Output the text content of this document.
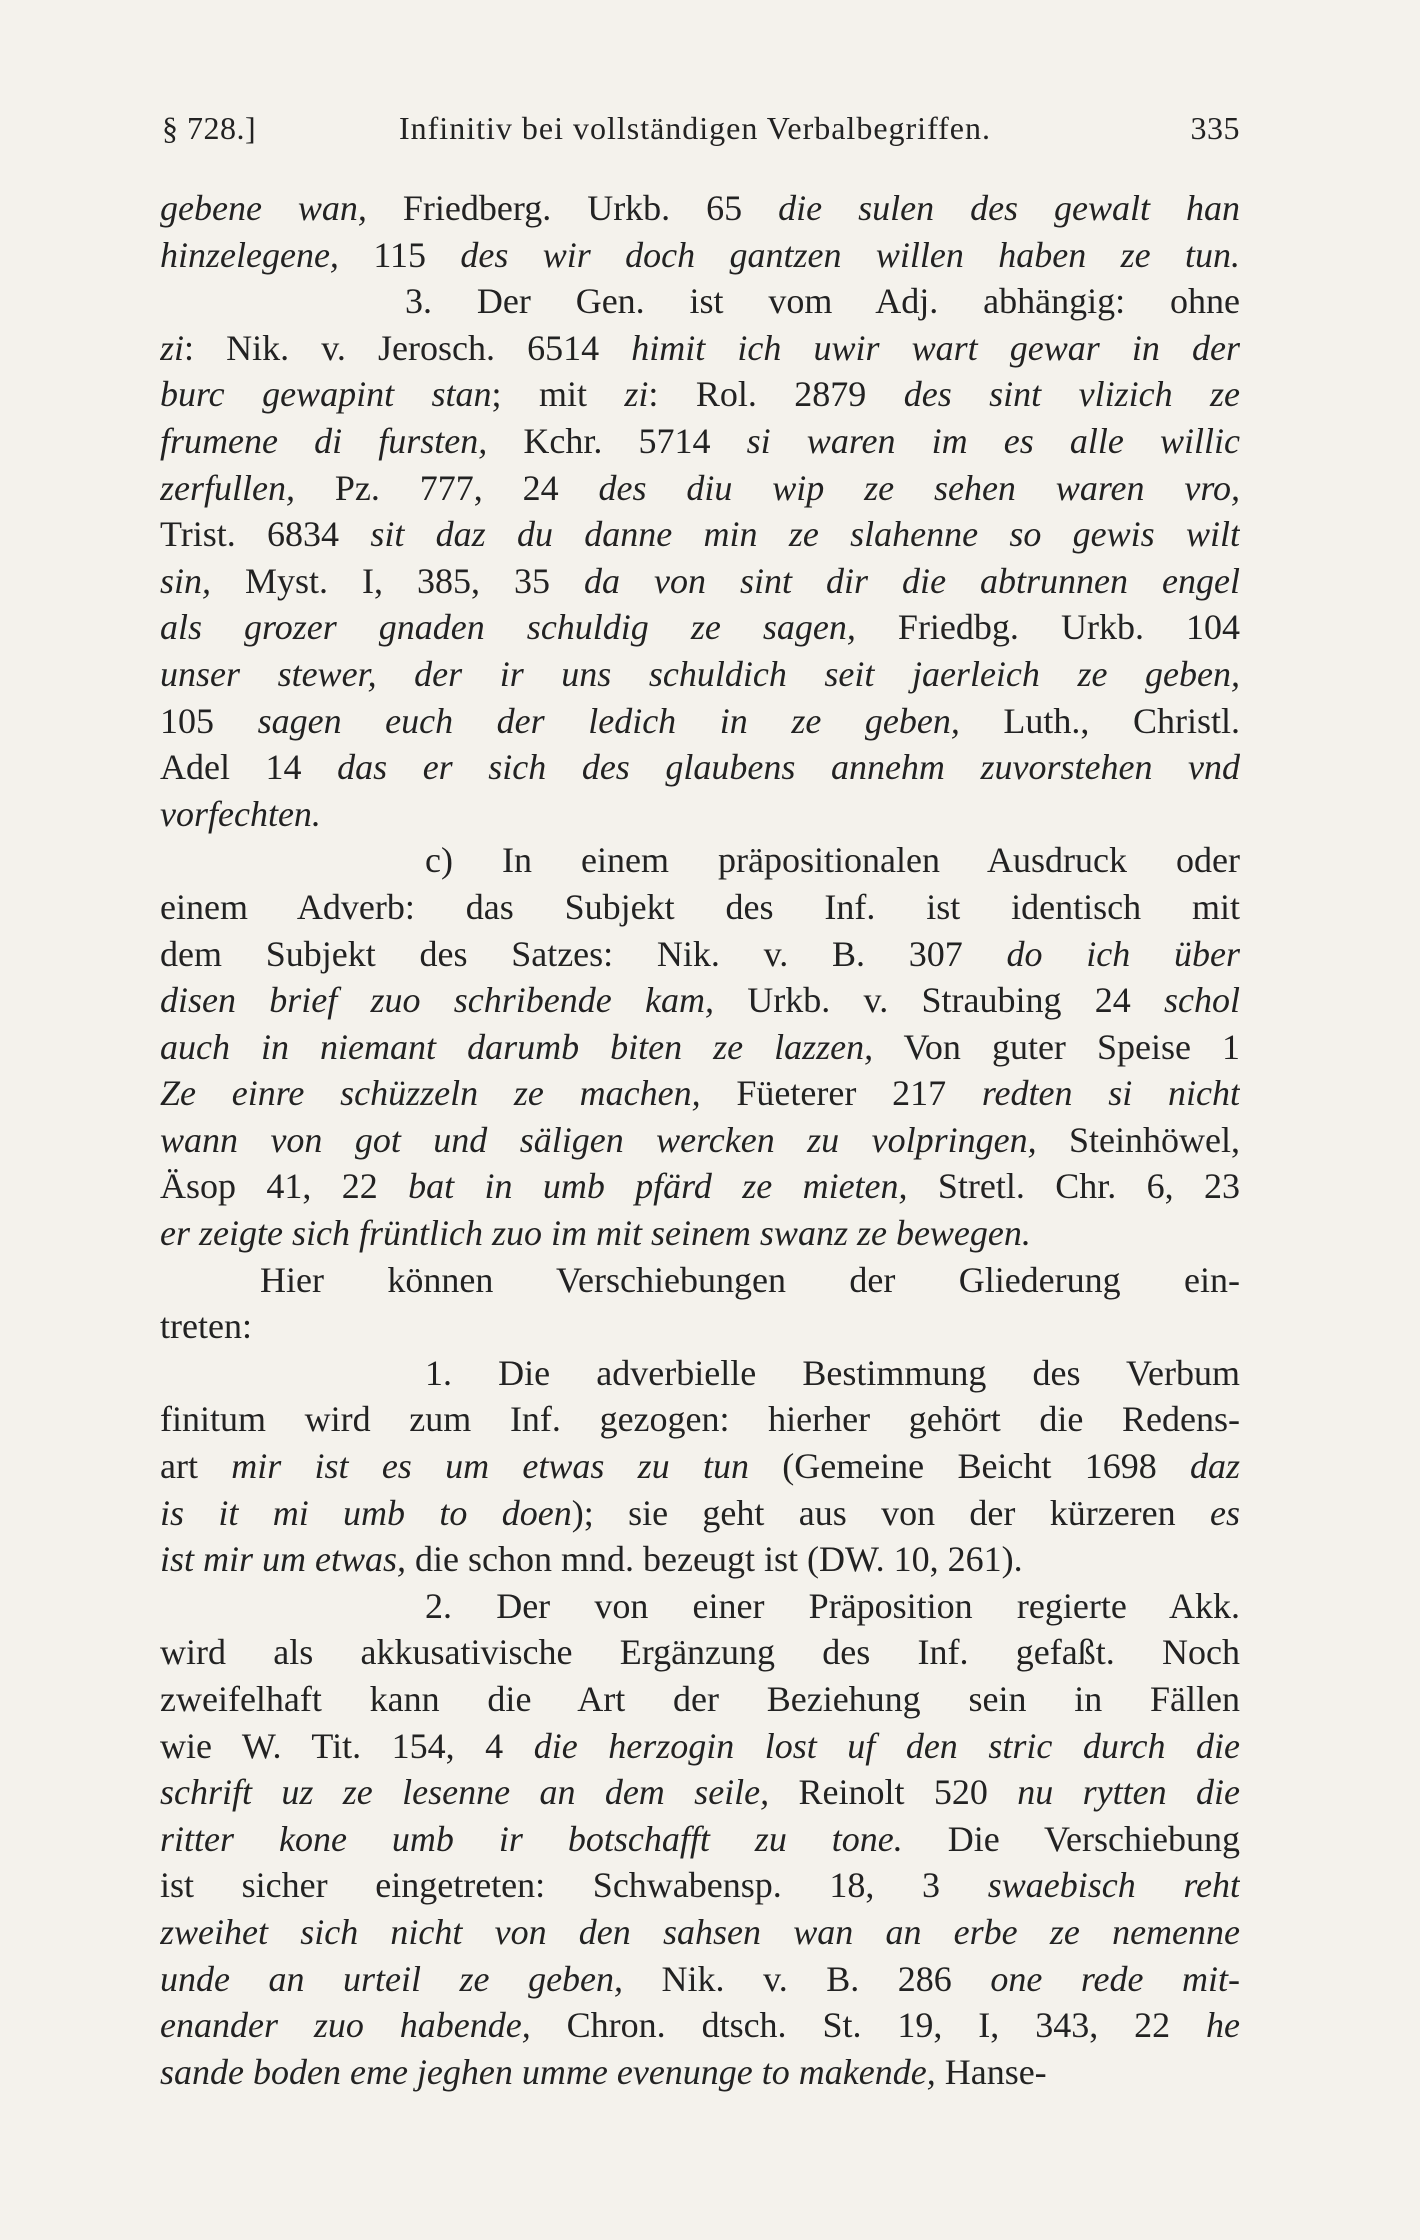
§ 728.]	Infinitiv bei vollständigen Verbalbegriffen.	335
gebene wan, Friedberg. Urkb. 65 die sulen des gewalt han
hinzelegene, 115 des wir doch gantzen willen haben ze tun.
3. Der Gen. ist vom Adj. abhängig: ohne
zi: Nik. v. Jerosch. 6514 himit ich uwir wart gewar in der
burc gewapint stan; mit zi: Rol. 2879 des sint vlizich ze
frumene di fursten, Kchr. 5714 si waren im es alle willic
zerfullen, Pz. 777, 24 des diu wip ze sehen waren vro,
Trist. 6834 sit daz du danne min ze slahenne so gewis wilt
sin, Myst. I, 385, 35 da von sint dir die abtrunnen engel
als grozer gnaden schuldig ze sagen, Friedbg. Urkb. 104
unser stewer, der ir uns schuldich seit jaerleich ze geben,
105 sagen euch der ledich in ze geben, Luth., Christl.
Adel 14 das er sich des glaubens annehm zuvorstehen vnd
vorfechten.
c) In einem präpositionalen Ausdruck oder
einem Adverb: das Subjekt des Inf. ist identisch mit
dem Subjekt des Satzes: Nik. v. B. 307 do ich über
disen brief zuo schribende kam, Urkb. v. Straubing 24 schol
auch in niemant darumb biten ze lazzen, Von guter Speise 1
Ze einre schüzzeln ze machen, Füeterer 217 redten si nicht
wann von got und säligen wercken zu volpringen, Steinhöwel,
Äsop 41, 22 bat in umb pfärd ze mieten, Stretl. Chr. 6, 23
er zeigte sich früntlich zuo im mit seinem swanz ze bewegen.
Hier können Verschiebungen der Gliederung ein-
treten:
1. Die adverbielle Bestimmung des Verbum
finitum wird zum Inf. gezogen: hierher gehört die Redens-
art mir ist es um etwas zu tun (Gemeine Beicht 1698 daz
is it mi umb to doen); sie geht aus von der kürzeren es
ist mir um etwas, die schon mnd. bezeugt ist (DW. 10, 261).
2. Der von einer Präposition regierte Akk.
wird als akkusativische Ergänzung des Inf. gefaßt. Noch
zweifelhaft kann die Art der Beziehung sein in Fällen
wie W. Tit. 154, 4 die herzogin lost uf den stric durch die
schrift uz ze lesenne an dem seile, Reinolt 520 nu rytten die
ritter kone umb ir botschafft zu tone. Die Verschiebung
ist sicher eingetreten: Schwabensp. 18, 3 swaebisch reht
zweihet sich nicht von den sahsen wan an erbe ze nemenne
unde an urteil ze geben, Nik. v. B. 286 one rede mit-
enander zuo habende, Chron. dtsch. St. 19, I, 343, 22 he
sande boden eme jeghen umme evenunge to makende, Hanse-
